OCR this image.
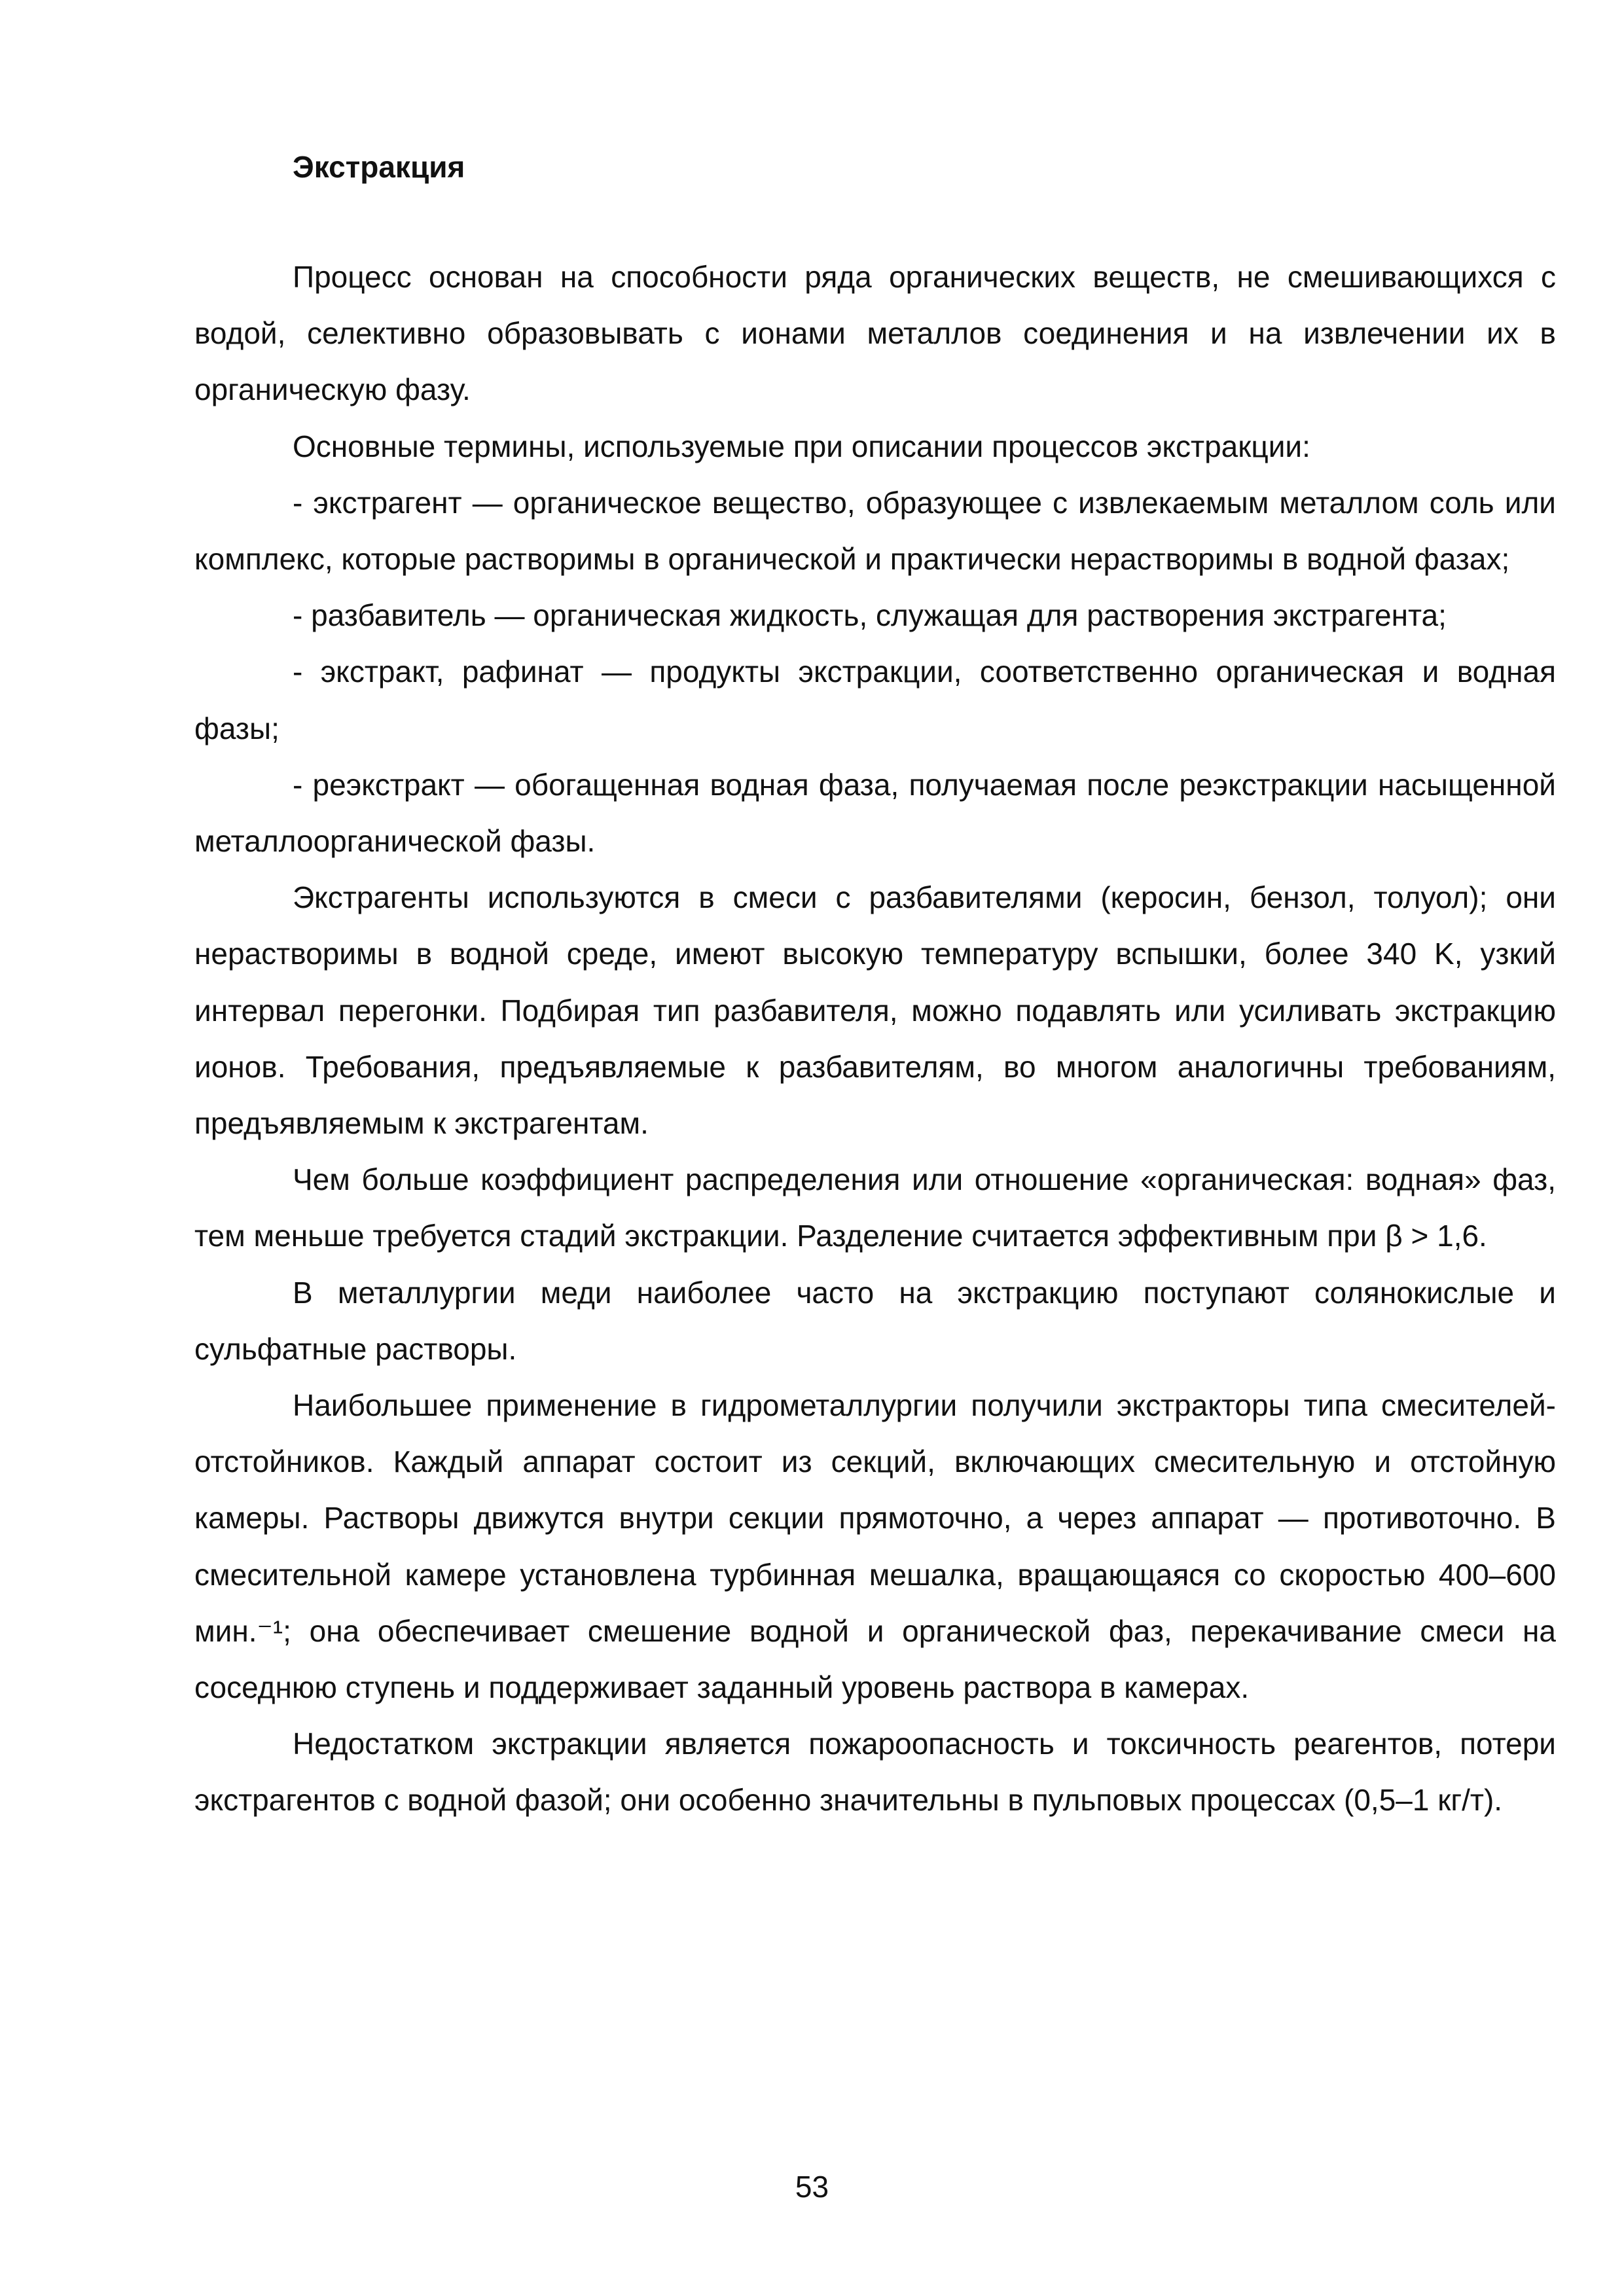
Экстракция

Процесс основан на способности ряда органических веществ, не смешивающихся с водой, селективно образовывать с ионами металлов соединения и на извлечении их в органическую фазу.

Основные термины, используемые при описании процессов экстракции:

- экстрагент — органическое вещество, образующее с извлекаемым металлом соль или комплекс, которые растворимы в органической и практически нерастворимы в водной фазах;

- разбавитель — органическая жидкость, служащая для растворения экстрагента;

- экстракт, рафинат — продукты экстракции, соответственно органическая и водная фазы;

- реэкстракт — обогащенная водная фаза, получаемая после реэкстракции насыщенной металлоорганической фазы.

Экстрагенты используются в смеси с разбавителями (керосин, бензол, толуол); они нерастворимы в водной среде, имеют высокую температуру вспышки, более 340 K, узкий интервал перегонки. Подбирая тип разбавителя, можно подавлять или усиливать экстракцию ионов. Требования, предъявляемые к разбавителям, во многом аналогичны требованиям, предъявляемым к экстрагентам.

Чем больше коэффициент распределения или отношение «органическая: водная» фаз, тем меньше требуется стадий экстракции. Разделение считается эффективным при β > 1,6.

В металлургии меди наиболее часто на экстракцию поступают солянокислые и сульфатные растворы.

Наибольшее применение в гидрометаллургии получили экстракторы типа смесителей-отстойников. Каждый аппарат состоит из секций, включающих смесительную и отстойную камеры. Растворы движутся внутри секции прямоточно, а через аппарат — противоточно. В смесительной камере установлена турбинная мешалка, вращающаяся со скоростью 400–600 мин.⁻¹; она обеспечивает смешение водной и органической фаз, перекачивание смеси на соседнюю ступень и поддерживает заданный уровень раствора в камерах.

Недостатком экстракции является пожароопасность и токсичность реагентов, потери экстрагентов с водной фазой; они особенно значительны в пульповых процессах (0,5–1 кг/т).

53
